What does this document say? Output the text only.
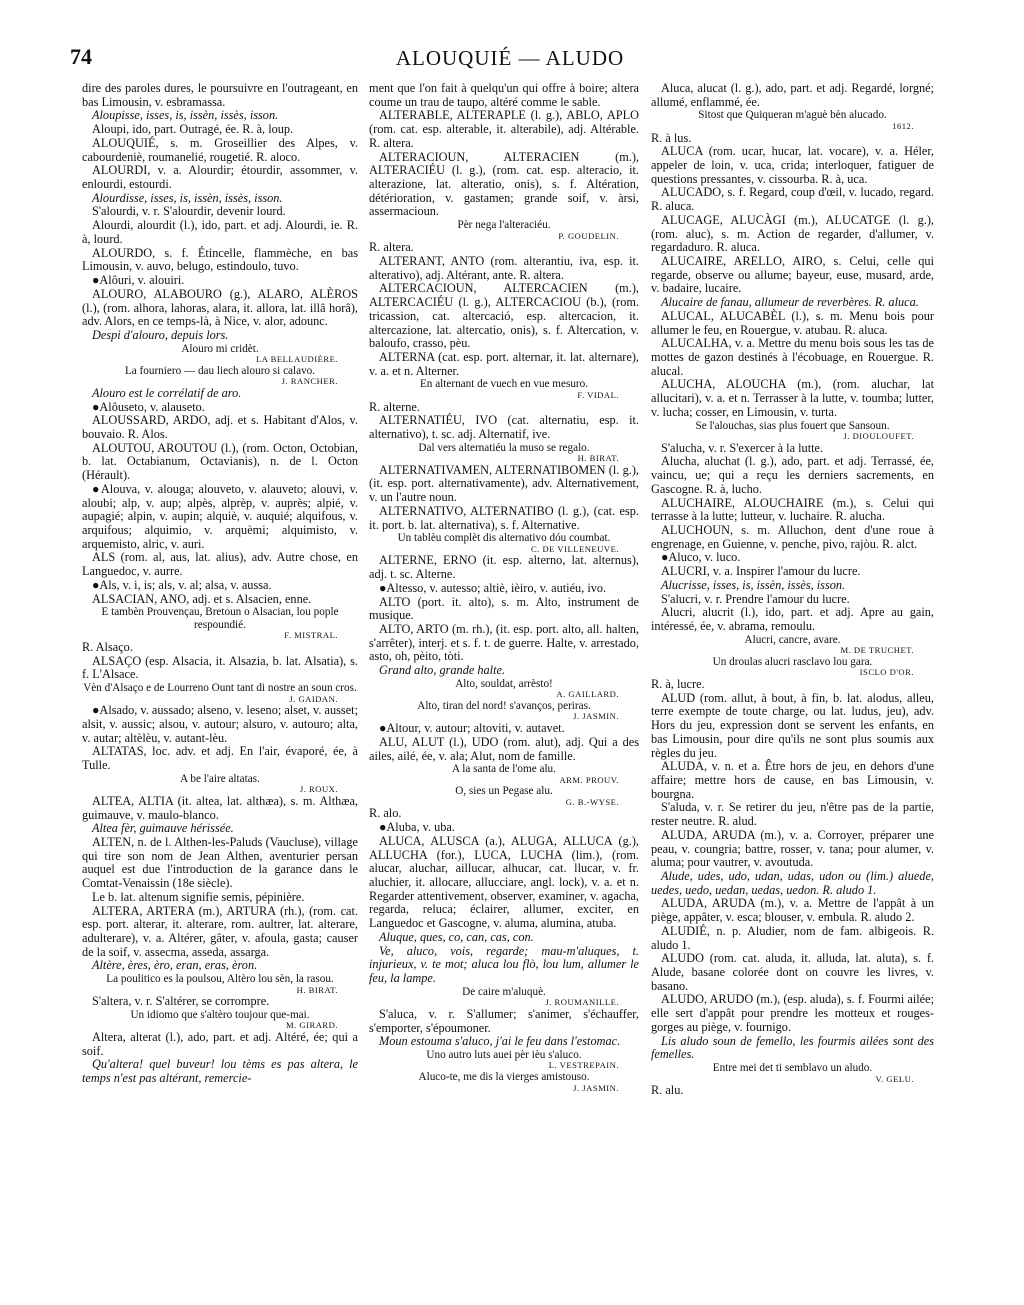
74	ALOUQUIÉ — ALUDO

dire des paroles dures, le poursuivre en l'outrageant, en bas Limousin, v. esbramassa.

Aloupisse, isses, is, issèn, issès, isson.

Aloupi, ido, part. Outragé, ée. R. à, loup.

ALOUQUIÉ, s. m. Groseillier des Alpes, v. cabourdeniè, roumanelié, rougetié. R. aloco.

ALOURDI, v. a. Alourdir; étourdir, assommer, v. enlourdi, estourdi.

Alourdisse, isses, is, issèn, issès, isson.

S'alourdi, v. r. S'alourdir, devenir lourd.

Alourdi, alourdit (l.), ido, part. et adj. Alourdi, ie. R. à, lourd.

ALOURDO, s. f. Étincelle, flammèche, en bas Limousin, v. auvo, belugo, estindoulo, tuvo.

●Alôuri, v. alouiri.

ALOURO, ALABOURO (g.), ALARO, ALÈROS (l.), (rom. alhora, lahoras, alara, it. allora, lat. illâ horâ), adv. Alors, en ce temps-là, à Nice, v. alor, adounc.

Despi d'alouro, depuis lors.

Alouro mi cridèt.

LA BELLAUDIÈRE.

La fourniero — dau liech alouro si calavo.

J. RANCHER.

Alouro est le corrélatif de aro.

●Alôuseto, v. alauseto.

ALOUSSARD, ARDO, adj. et s. Habitant d'Alos, v. bouvaio. R. Alos.

ALOUTOU, AROUTOU (l.), (rom. Octon, Octobian, b. lat. Octabianum, Octavianis), n. de l. Octon (Hérault).

●Alouva, v. alouga; alouveto, v. alauveto; alouvi, v. aloubi; alp, v. aup; alpès, alprèp, v. auprès; alpié, v. aupagié; alpin, v. aupin; alquiè, v. auquié; alquifous, v. arquifous; alquimio, v. arquèmi; alquimisto, v. arquemisto, alric, v. auri.

ALS (rom. al, aus, lat. alius), adv. Autre chose, en Languedoc, v. aurre.

●Als, v. i, is; als, v. al; alsa, v. aussa.

ALSACIAN, ANO, adj. et s. Alsacien, enne.

E tambèn Prouvençau, Bretoun o Alsacian, lou pople respoundié.

F. MISTRAL.

R. Alsaço.

ALSAÇO (esp. Alsacia, it. Alsazia, b. lat. Alsatia), s. f. L'Alsace.

Vèn d'Alsaço e de Lourreno Ount tant di nostre an soun cros.

J. GAIDAN.

●Alsado, v. aussado; alseno, v. leseno; alset, v. ausset; alsit, v. aussic; alsou, v. autour; alsuro, v. autouro; alta, v. autar; altèlèu, v. autant-lèu.

ALTATAS, loc. adv. et adj. En l'air, évaporé, ée, à Tulle.

A be l'aire altatas.

J. ROUX.

ALTEA, ALTIA (it. altea, lat. althæa), s. m. Althæa, guimauve, v. maulo-blanco.

Altea fèr, guimauve hérissée.

ALTEN, n. de l. Althen-les-Paluds (Vaucluse), village qui tire son nom de Jean Althen, aventurier persan auquel est due l'introduction de la garance dans le Comtat-Venaissin (18e siècle).

Le b. lat. altenum signifie semis, pépinière.

ALTERA, ARTERA (m.), ARTURA (rh.), (rom. cat. esp. port. alterar, it. alterare, rom. aultrer, lat. alterare, adulterare), v. a. Altérer, gâter, v. afoula, gasta; causer de la soif, v. assecma, asseda, assarga.

Altère, ères, èro, eran, eras, èron.

La poulitico es la poulsou, Altèro lou sèn, la rasou.

H. BIRAT.

S'altera, v. r. S'altérer, se corrompre.

Un idiomo que s'altèro toujour que-mai.

M. GIRARD.

Altera, alterat (l.), ado, part. et adj. Altéré, ée; qui a soif.

Qu'altera! quel buveur! lou tèms es pas altera, le temps n'est pas altérant, remercie-

ment que l'on fait à quelqu'un qui offre à boire; altera coume un trau de taupo, altéré comme le sable.

ALTERABLE, ALTERAPLE (l. g.), ABLO, APLO (rom. cat. esp. alterable, it. alterabile), adj. Altérable. R. altera.

ALTERACIOUN, ALTERACIEN (m.), ALTERACIÉU (l. g.), (rom. cat. esp. alteracio, it. alterazione, lat. alteratio, onis), s. f. Altération, détérioration, v. gastamen; grande soif, v. àrsi, assermacioun.

Pèr nega l'alteraciéu.

P. GOUDELIN.

R. altera.

ALTERANT, ANTO (rom. alterantiu, iva, esp. it. alterativo), adj. Altérant, ante. R. altera.

ALTERCACIOUN, ALTERCACIEN (m.), ALTERCACIÉU (l. g.), ALTERCACIOU (b.), (rom. tricassion, cat. altercació, esp. altercacion, it. altercazione, lat. altercatio, onis), s. f. Altercation, v. baloufo, crasso, pèu.

ALTERNA (cat. esp. port. alternar, it. lat. alternare), v. a. et n. Alterner.

En alternant de vuech en vue mesuro.

F. VIDAL.

R. alterne.

ALTERNATIÉU, IVO (cat. alternatiu, esp. it. alternativo), t. sc. adj. Alternatif, ive.

Dal vers alternatiéu la muso se regalo.

H. BIRAT.

ALTERNATIVAMEN, ALTERNATIBOMEN (l. g.), (it. esp. port. alternativamente), adv. Alternativement, v. un l'autre noun.

ALTERNATIVO, ALTERNATIBO (l. g.), (cat. esp. it. port. b. lat. alternativa), s. f. Alternative.

Un tablèu complèt dis alternativo dóu coumbat.

C. DE VILLENEUVE.

ALTERNE, ERNO (it. esp. alterno, lat. alternus), adj. t. sc. Alterne.

●Altesso, v. autesso; altiè, ièiro, v. autiéu, ivo.

ALTO (port. it. alto), s. m. Alto, instrument de musique.

ALTO, ARTO (m. rh.), (it. esp. port. alto, all. halten, s'arrêter), interj. et s. f. t. de guerre. Halte, v. arrestado, asto, oh, pèito, tòti.

Grand alto, grande halte.

Alto, souldat, arrèsto!

A. GAILLARD.

Alto, tiran del nord! s'avanços, periras.

J. JASMIN.

●Altour, v. autour; altoviti, v. autavet.

ALU, ALUT (l.), UDO (rom. alut), adj. Qui a des ailes, ailé, ée, v. ala; Alut, nom de famille.

A la santa de l'ome alu.

ARM. PROUV.

O, sies un Pegase alu.

G. B.-WYSE.

R. alo.

●Aluba, v. uba.

ALUCA, ALUSCA (a.), ALUGA, ALLUCA (g.), ALLUCHA (for.), LUCA, LUCHA (lim.), (rom. alucar, aluchar, aillucar, alhucar, cat. llucar, v. fr. aluchier, it. allocare, allucciare, angl. lock), v. a. et n. Regarder attentivement, observer, examiner, v. agacha, regarda, reluca; éclairer, allumer, exciter, en Languedoc et Gascogne, v. aluma, alumina, atuba.

Aluque, ques, co, can, cas, con.

Ve, aluco, vois, regarde; mau-m'aluques, t. injurieux, v. te mot; aluca lou flò, lou lum, allumer le feu, la lampe.

De caire m'aluquè.

J. ROUMANILLE.

S'aluca, v. r. S'allumer; s'animer, s'échauffer, s'emporter, s'époumoner.

Moun estouma s'aluco, j'ai le feu dans l'estomac.

Uno autro luts auei pèr ièu s'aluco.

L. VESTREPAIN.

Aluco-te, me dis la vierges amistouso.

J. JASMIN.

Aluca, alucat (l. g.), ado, part. et adj. Regardé, lorgné; allumé, enflammé, ée.

Sitost que Quiqueran m'aguè bèn alucado.

1612.

R. à lus.

ALUCA (rom. ucar, hucar, lat. vocare), v. a. Héler, appeler de loin, v. uca, crida; interloquer, fatiguer de questions pressantes, v. cissourba. R. à, uca.

ALUCADO, s. f. Regard, coup d'œil, v. lucado, regard. R. aluca.

ALUCAGE, ALUCÀGI (m.), ALUCATGE (l. g.), (rom. aluc), s. m. Action de regarder, d'allumer, v. regardaduro. R. aluca.

ALUCAIRE, ARELLO, AIRO, s. Celui, celle qui regarde, observe ou allume; bayeur, euse, musard, arde, v. badaire, lucaire.

Alucaire de fanau, allumeur de reverbères. R. aluca.

ALUCAL, ALUCABÈL (l.), s. m. Menu bois pour allumer le feu, en Rouergue, v. atubau. R. aluca.

ALUCALHA, v. a. Mettre du menu bois sous les tas de mottes de gazon destinés à l'écobuage, en Rouergue. R. alucal.

ALUCHA, ALOUCHA (m.), (rom. aluchar, lat allucitari), v. a. et n. Terrasser à la lutte, v. toumba; lutter, v. lucha; cosser, en Limousin, v. turta.

Se l'alouchas, sias plus fouert que Sansoun.

J. DIOULOUFET.

S'alucha, v. r. S'exercer à la lutte.

Alucha, aluchat (l. g.), ado, part. et adj. Terrassé, ée, vaincu, ue; qui a reçu les derniers sacrements, en Gascogne. R. à, lucho.

ALUCHAIRE, ALOUCHAIRE (m.), s. Celui qui terrasse à la lutte; lutteur, v. luchaire. R. alucha.

ALUCHOUN, s. m. Alluchon, dent d'une roue à engrenage, en Guienne, v. penche, pivo, rajòu. R. alct.

●Aluco, v. luco.

ALUCRI, v. a. Inspirer l'amour du lucre.

Alucrisse, isses, is, issèn, issès, isson.

S'alucri, v. r. Prendre l'amour du lucre.

Alucri, alucrit (l.), ido, part. et adj. Apre au gain, intéressé, ée, v. abrama, remoulu.

Alucri, cancre, avare.

M. DE TRUCHET.

Un droulas alucri rasclavo lou gara.

ISCLO D'OR.

R. à, lucre.

ALUD (rom. allut, à bout, à fin, b. lat. alodus, alleu, terre exempte de toute charge, ou lat. ludus, jeu), adv. Hors du jeu, expression dont se servent les enfants, en bas Limousin, pour dire qu'ils ne sont plus soumis aux règles du jeu.

ALUDA, v. n. et a. Être hors de jeu, en dehors d'une affaire; mettre hors de cause, en bas Limousin, v. bourgna.

S'aluda, v. r. Se retirer du jeu, n'être pas de la partie, rester neutre. R. alud.

ALUDA, ARUDA (m.), v. a. Corroyer, préparer une peau, v. coungria; battre, rosser, v. tana; pour alumer, v. aluma; pour vautrer, v. avoutuda.

Alude, udes, udo, udan, udas, udon ou (lim.) aluede, uedes, uedo, uedan, uedas, uedon. R. aludo 1.

ALUDA, ARUDA (m.), v. a. Mettre de l'appât à un piège, appâter, v. esca; blouser, v. embula. R. aludo 2.

ALUDIÉ, n. p. Aludier, nom de fam. albigeois. R. aludo 1.

ALUDO (rom. cat. aluda, it. alluda, lat. aluta), s. f. Alude, basane colorée dont on couvre les livres, v. basano.

ALUDO, ARUDO (m.), (esp. aluda), s. f. Fourmi ailée; elle sert d'appât pour prendre les motteux et rouges-gorges au piège, v. fournigo.

Lis aludo soun de femello, les fourmis ailées sont des femelles.

Entre mei det ti semblavo un aludo.

V. GELU.

R. alu.
